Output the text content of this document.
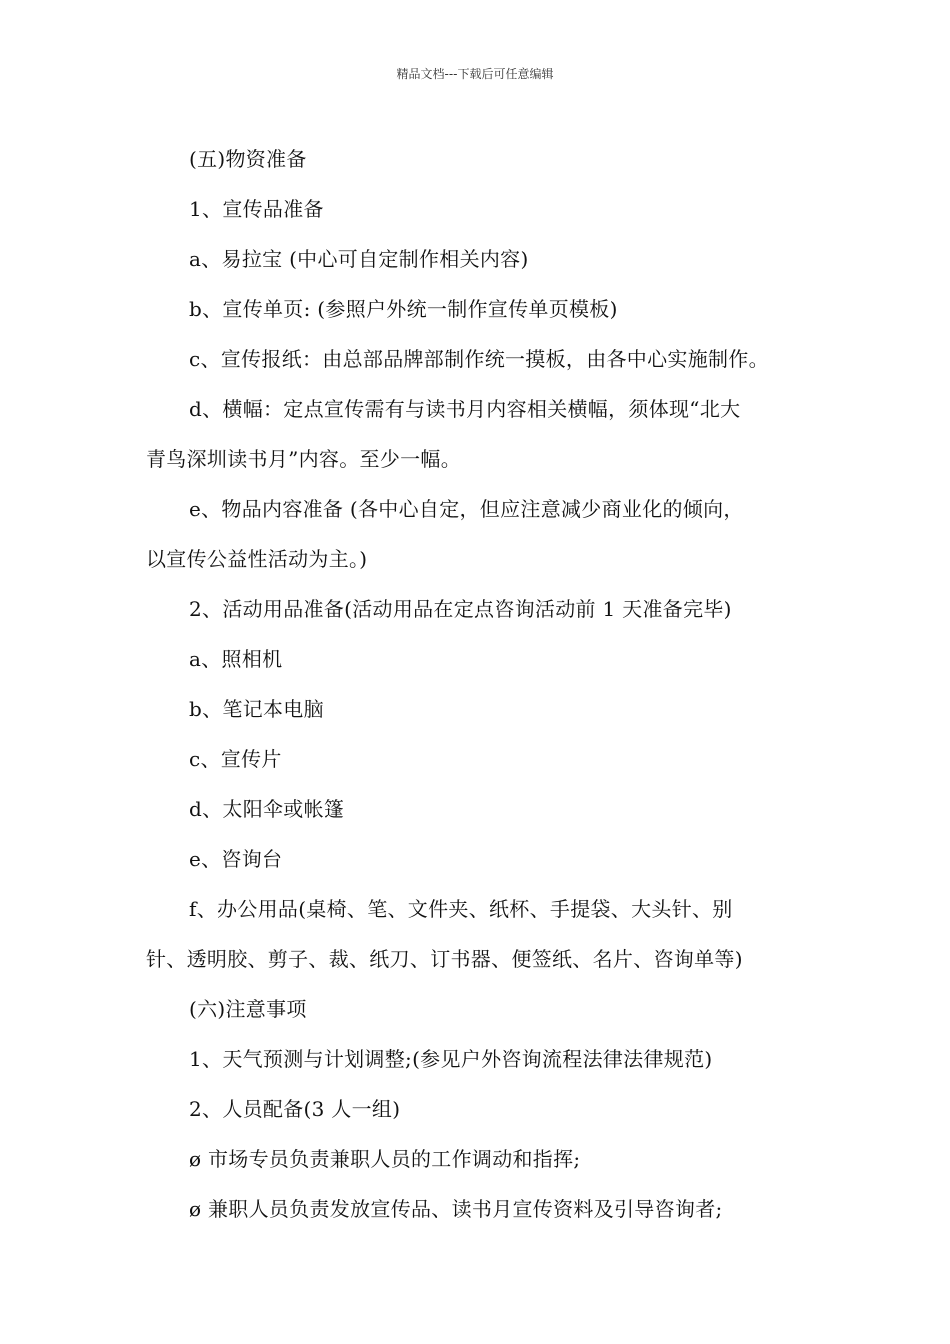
精品文档---下载后可任意编辑
(五)物资准备
1、宣传品准备
a、易拉宝 (中心可自定制作相关内容)
b、宣传单页: (参照户外统一制作宣传单页模板)
c、宣传报纸：由总部品牌部制作统一摸板，由各中心实施制作。
d、横幅：定点宣传需有与读书月内容相关横幅，须体现“北大
青鸟深圳读书月”内容。至少一幅。
e、物品内容准备 (各中心自定，但应注意减少商业化的倾向，
以宣传公益性活动为主。)
2、活动用品准备(活动用品在定点咨询活动前 1 天准备完毕)
a、照相机
b、笔记本电脑
c、宣传片
d、太阳伞或帐篷
e、咨询台
f、办公用品(桌椅、笔、文件夹、纸杯、手提袋、大头针、别
针、透明胶、剪子、裁、纸刀、订书器、便签纸、名片、咨询单等)
(六)注意事项
1、天气预测与计划调整;(参见户外咨询流程法律法律规范)
2、人员配备(3 人一组)
ø 市场专员负责兼职人员的工作调动和指挥;
ø 兼职人员负责发放宣传品、读书月宣传资料及引导咨询者;
